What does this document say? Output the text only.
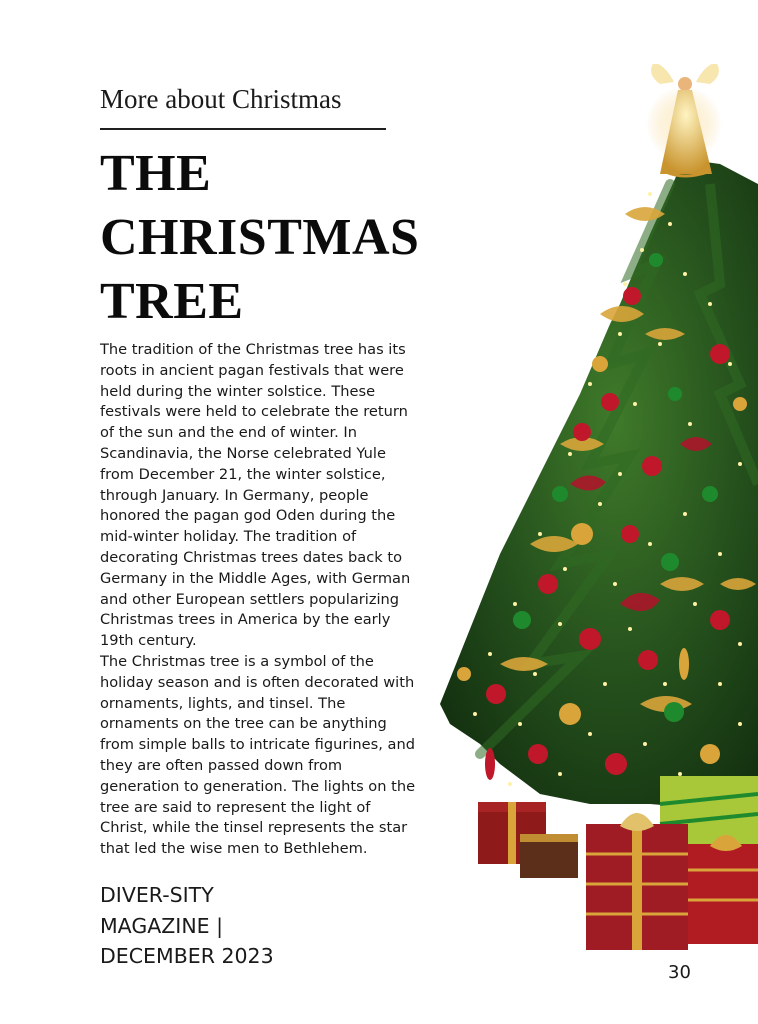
More about Christmas
THE
CHRISTMAS
TREE
The tradition of the Christmas tree has its
roots in ancient pagan festivals that were
held during the winter solstice. These
festivals were held to celebrate the return
of the sun and the end of winter. In
Scandinavia, the Norse celebrated Yule
from December 21, the winter solstice,
through January. In Germany, people
honored the pagan god Oden during the
mid-winter holiday. The tradition of
decorating Christmas trees dates back to
Germany in the Middle Ages, with German
and other European settlers popularizing
Christmas trees in America by the early
19th century.
The Christmas tree is a symbol of the
holiday season and is often decorated with
ornaments, lights, and tinsel. The
ornaments on the tree can be anything
from simple balls to intricate figurines, and
they are often passed down from
generation to generation. The lights on the
tree are said to represent the light of
Christ, while the tinsel represents the star
that led the wise men to Bethlehem.
DIVER-SITY
MAGAZINE |
DECEMBER 2023
30
